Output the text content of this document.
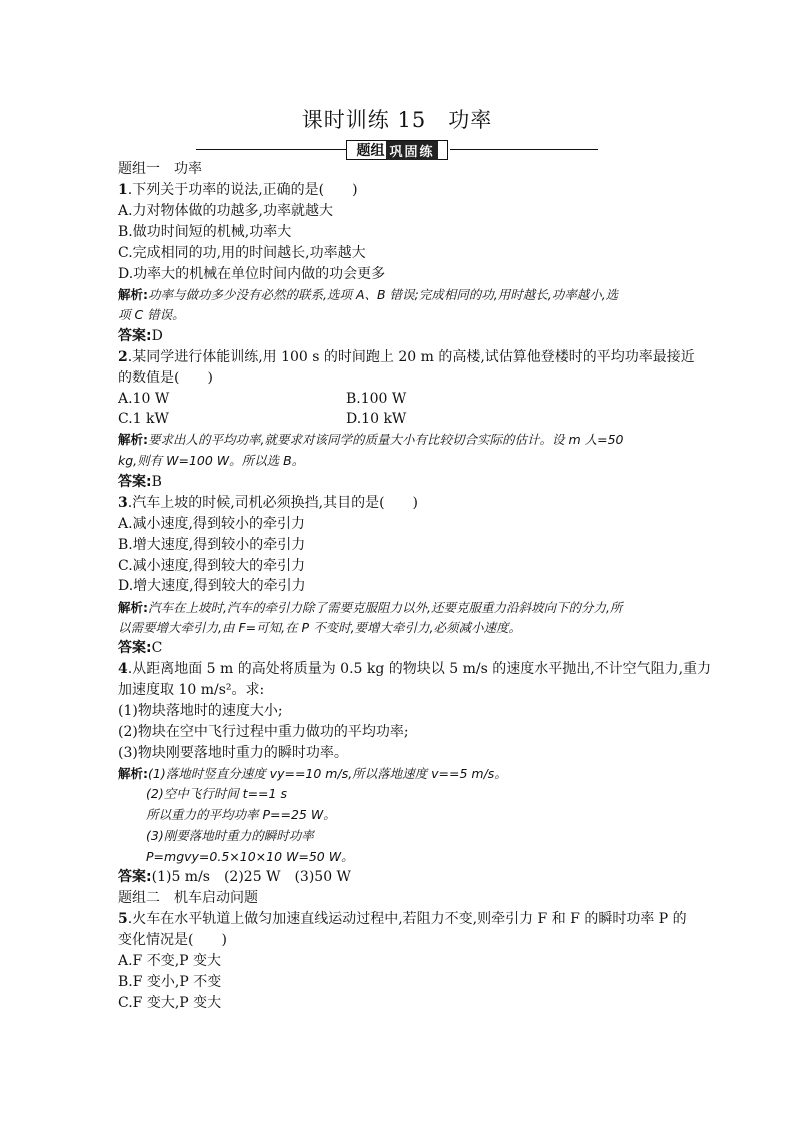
课时训练 15　功率
题组 巩固练
题组一　功率
1.下列关于功率的说法,正确的是(　　)
A.力对物体做的功越多,功率就越大
B.做功时间短的机械,功率大
C.完成相同的功,用的时间越长,功率越大
D.功率大的机械在单位时间内做的功会更多
解析:功率与做功多少没有必然的联系,选项 A、B 错误;完成相同的功,用时越长,功率越小,选
项 C 错误。
答案:D
2.某同学进行体能训练,用 100 s 的时间跑上 20 m 的高楼,试估算他登楼时的平均功率最接近
的数值是(　　)
A.10 W	B.100 W
C.1 kW	D.10 kW
解析:要求出人的平均功率,就要求对该同学的质量大小有比较切合实际的估计。设 m 人=50
kg,则有 W=100 W。所以选 B。
答案:B
3.汽车上坡的时候,司机必须换挡,其目的是(　　)
A.减小速度,得到较小的牵引力
B.增大速度,得到较小的牵引力
C.减小速度,得到较大的牵引力
D.增大速度,得到较大的牵引力
解析:汽车在上坡时,汽车的牵引力除了需要克服阻力以外,还要克服重力沿斜坡向下的分力,所
以需要增大牵引力,由 F=可知,在 P 不变时,要增大牵引力,必须减小速度。
答案:C
4.从距离地面 5 m 的高处将质量为 0.5 kg 的物块以 5 m/s 的速度水平抛出,不计空气阻力,重力
加速度取 10 m/s²。求:
(1)物块落地时的速度大小;
(2)物块在空中飞行过程中重力做功的平均功率;
(3)物块刚要落地时重力的瞬时功率。
解析:(1)落地时竖直分速度 vy==10 m/s,所以落地速度 v==5 m/s。
(2)空中飞行时间 t==1 s
所以重力的平均功率 P==25 W。
(3)刚要落地时重力的瞬时功率
P=mgvy=0.5×10×10 W=50 W。
答案:(1)5 m/s　(2)25 W　(3)50 W
题组二　机车启动问题
5.火车在水平轨道上做匀加速直线运动过程中,若阻力不变,则牵引力 F 和 F 的瞬时功率 P 的
变化情况是(　　)
A.F 不变,P 变大
B.F 变小,P 不变
C.F 变大,P 变大
